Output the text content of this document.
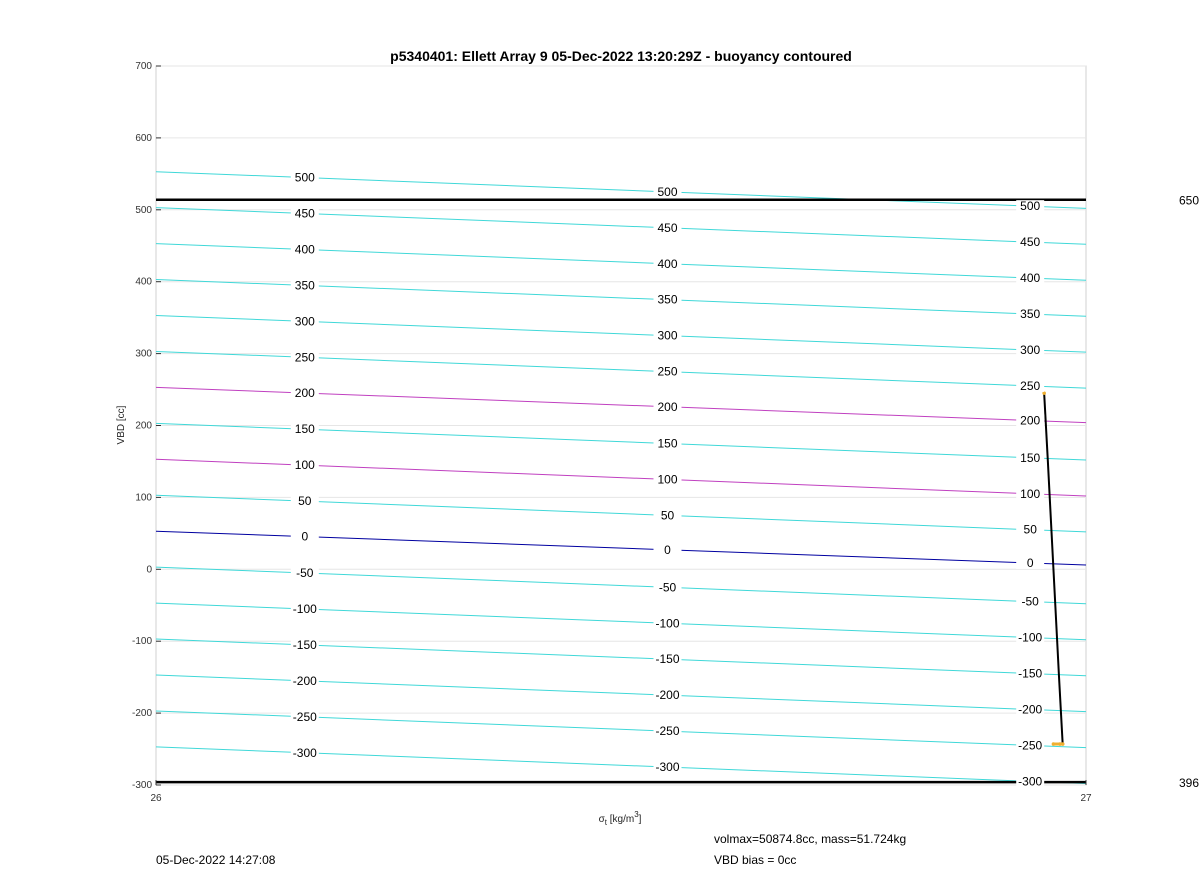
p5340401: Ellett Array 9 05-Dec-2022 13:20:29Z - buoyancy contoured
650
396
-300
-250
-200
-150
-100
-50
0
50
100
150
200
250
300
350
400
450
500
-300
-250
-200
-150
-100
-50
0
50
100
150
200
250
300
350
400
450
500
-300
-250
-200
-150
-100
-50
0
50
100
150
200
250
300
350
400
450
500
-300
-200
-100
0
100
200
300
400
500
600
700
26	27
VBD [cc]
$\sigma_t$ $[kg/m^3]$
volmax=50874.8cc, mass=51.724kg
05-Dec-2022 14:27:08	VBD bias = 0cc
